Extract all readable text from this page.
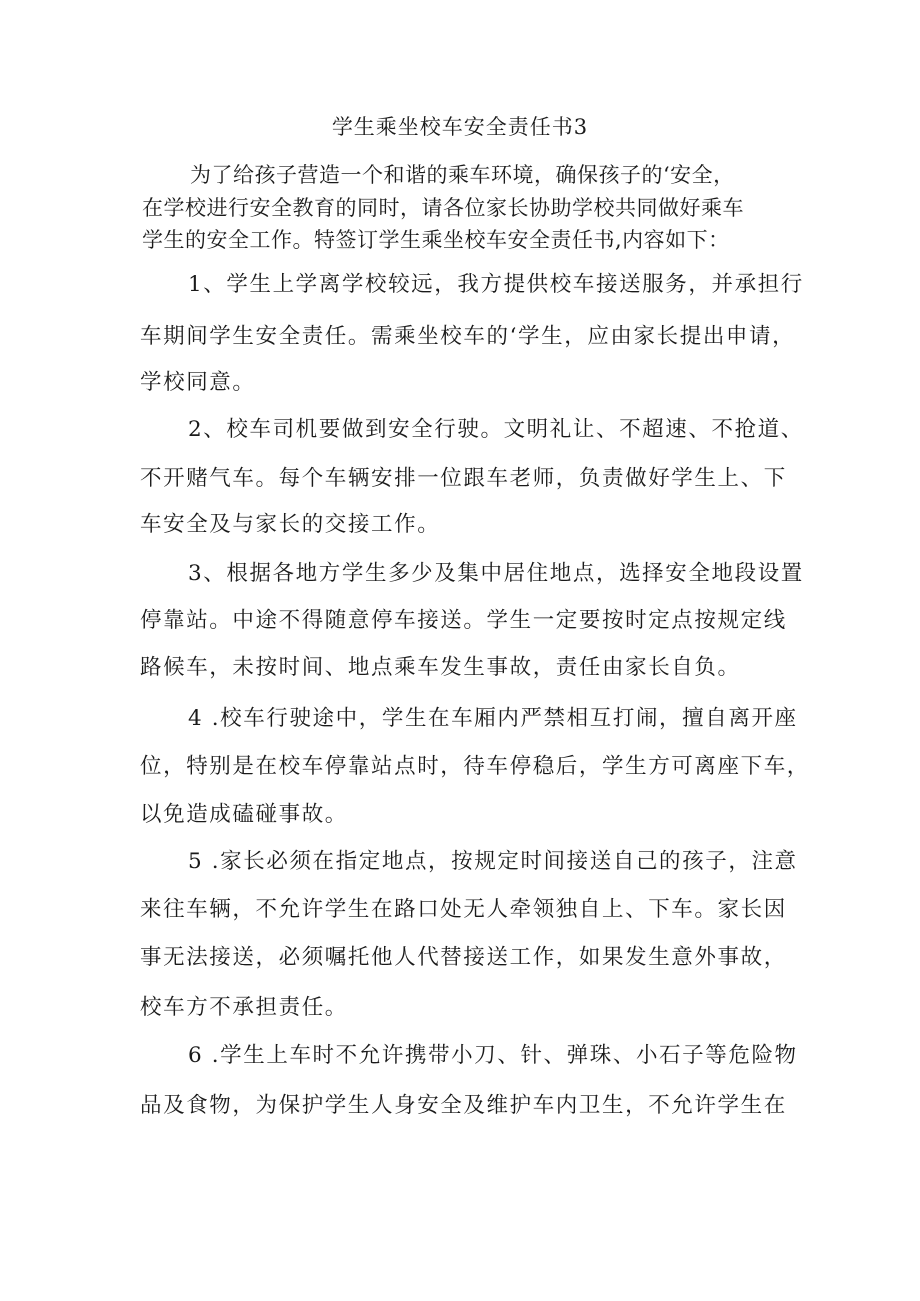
学生乘坐校车安全责任书3
为了给孩子营造一个和谐的乘车环境，确保孩子的‘安全，
在学校进行安全教育的同时，请各位家长协助学校共同做好乘车
学生的安全工作。特签订学生乘坐校车安全责任书,内容如下：
1、学生上学离学校较远，我方提供校车接送服务，并承担行
车期间学生安全责任。需乘坐校车的‘学生，应由家长提出申请，
学校同意。
2、校车司机要做到安全行驶。文明礼让、不超速、不抢道、
不开赌气车。每个车辆安排一位跟车老师，负责做好学生上、下
车安全及与家长的交接工作。
3、根据各地方学生多少及集中居住地点，选择安全地段设置
停靠站。中途不得随意停车接送。学生一定要按时定点按规定线
路候车，未按时间、地点乘车发生事故，责任由家长自负。
4 .校车行驶途中，学生在车厢内严禁相互打闹，擅自离开座
位，特别是在校车停靠站点时，待车停稳后，学生方可离座下车，
以免造成磕碰事故。
5 .家长必须在指定地点，按规定时间接送自己的孩子，注意
来往车辆，不允许学生在路口处无人牵领独自上、下车。家长因
事无法接送，必须嘱托他人代替接送工作，如果发生意外事故，
校车方不承担责任。
6 .学生上车时不允许携带小刀、针、弹珠、小石子等危险物
品及食物，为保护学生人身安全及维护车内卫生，不允许学生在
